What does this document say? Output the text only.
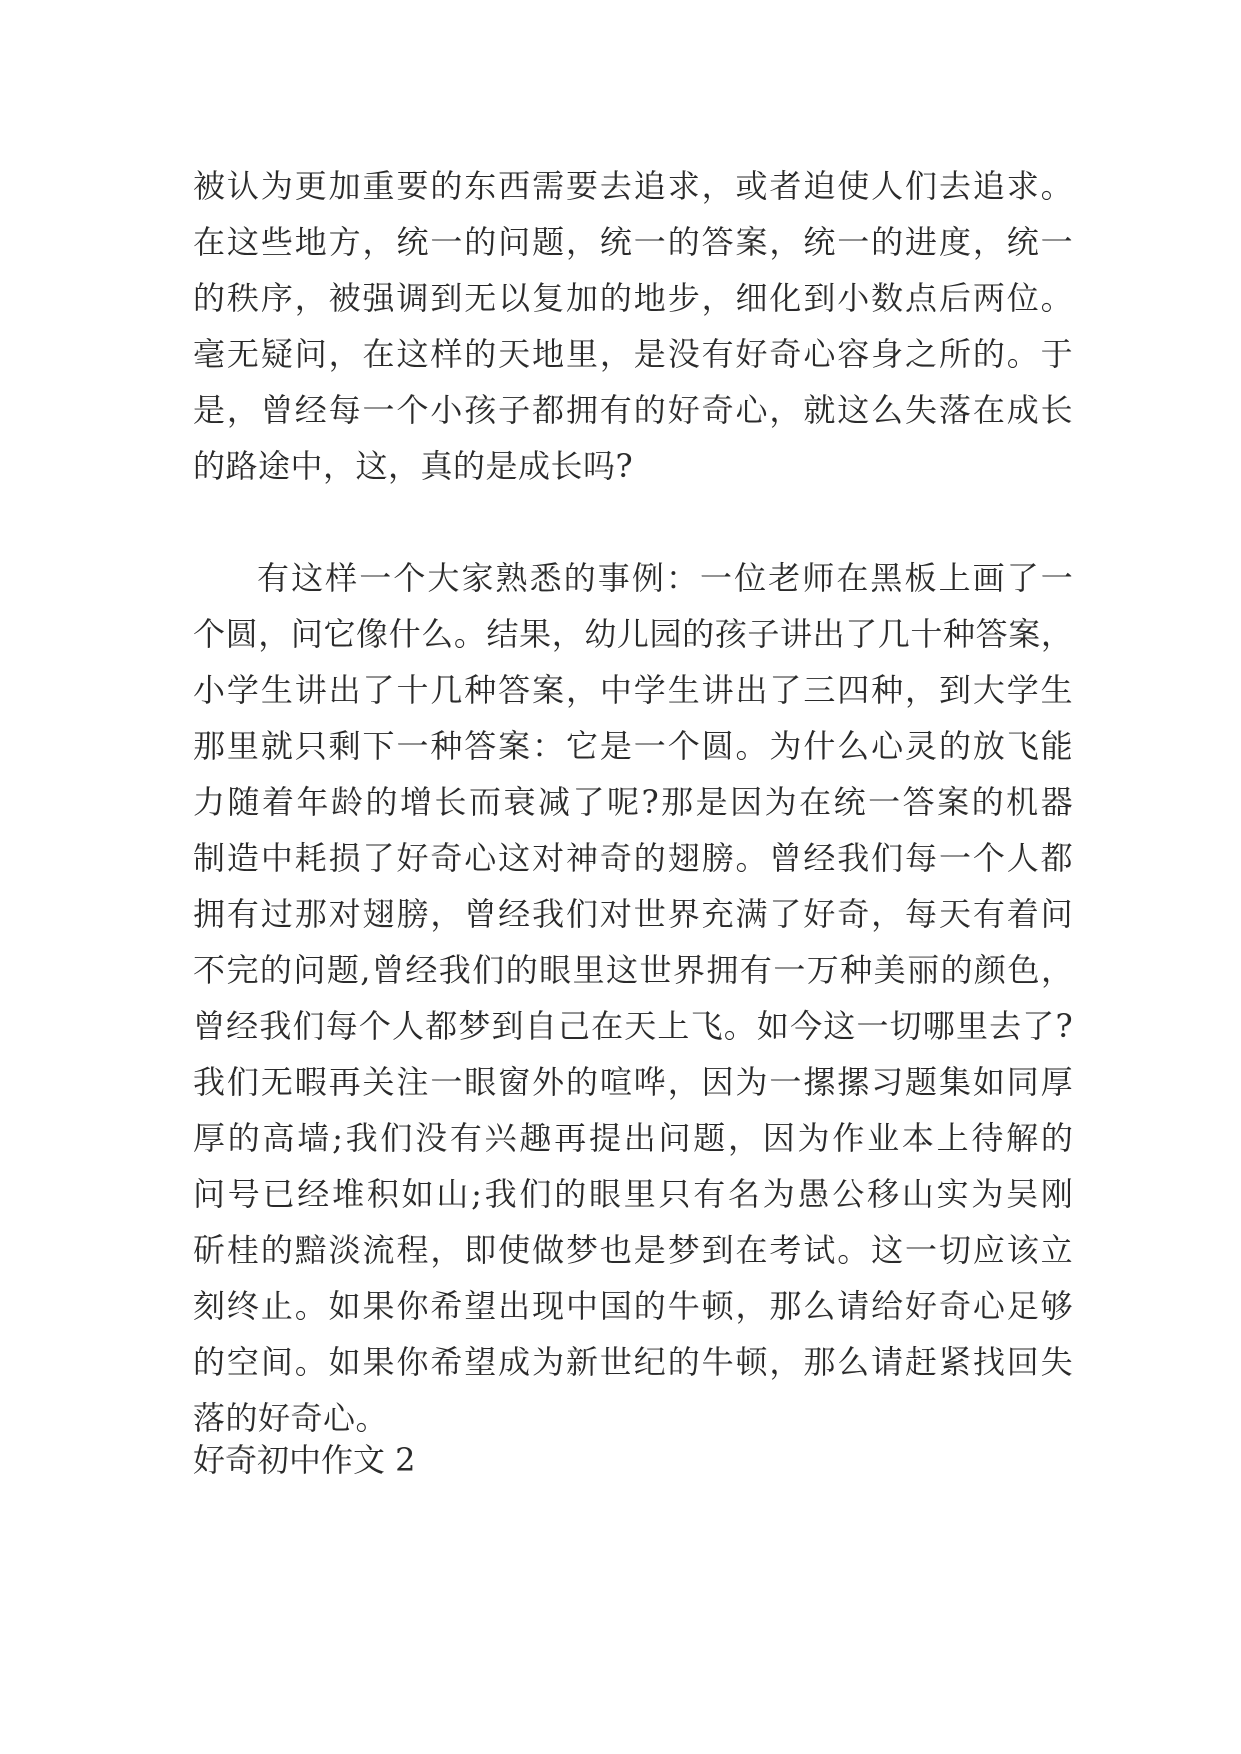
被 认 为 更 加 重 要 的 东 西 需 要 去 追 求 ， 或 者 迫 使 人 们 去 追 求 。
在 这 些 地 方 ， 统 一 的 问 题 ， 统 一 的 答 案 ， 统 一 的 进 度 ， 统 一
的 秩 序 ， 被 强 调 到 无 以 复 加 的 地 步 ， 细 化 到 小 数 点 后 两 位 。
毫 无 疑 问 ， 在 这 样 的 天 地 里 ， 是 没 有 好 奇 心 容 身 之 所 的 。 于
是 ， 曾 经 每 一 个 小 孩 子 都 拥 有 的 好 奇 心 ， 就 这 么 失 落 在 成 长
的路途中，这，真的是成长吗?
有 这 样 一 个 大 家 熟 悉 的 事 例 ： 一 位 老 师 在 黑 板 上 画 了 一
个 圆 ， 问 它 像 什 么 。 结 果 ， 幼 儿 园 的 孩 子 讲 出 了 几 十 种 答 案 ，
小 学 生 讲 出 了 十 几 种 答 案 ， 中 学 生 讲 出 了 三 四 种 ， 到 大 学 生
那 里 就 只 剩 下 一 种 答 案 ： 它 是 一 个 圆 。 为 什 么 心 灵 的 放 飞 能
力 随 着 年 龄 的 增 长 而 衰 减 了 呢 ? 那 是 因 为 在 统 一 答 案 的 机 器
制 造 中 耗 损 了 好 奇 心 这 对 神 奇 的 翅 膀 。 曾 经 我 们 每 一 个 人 都
拥 有 过 那 对 翅 膀 ， 曾 经 我 们 对 世 界 充 满 了 好 奇 ， 每 天 有 着 问
不 完 的 问 题 , 曾 经 我 们 的 眼 里 这 世 界 拥 有 一 万 种 美 丽 的 颜 色 ，
曾 经 我 们 每 个 人 都 梦 到 自 己 在 天 上 飞 。 如 今 这 一 切 哪 里 去 了 ?
我 们 无 暇 再 关 注 一 眼 窗 外 的 喧 哗 ， 因 为 一 摞 摞 习 题 集 如 同 厚
厚 的 高 墙 ; 我 们 没 有 兴 趣 再 提 出 问 题 ， 因 为 作 业 本 上 待 解 的
问 号 已 经 堆 积 如 山 ; 我 们 的 眼 里 只 有 名 为 愚 公 移 山 实 为 吴 刚
斫 桂 的 黯 淡 流 程 ， 即 使 做 梦 也 是 梦 到 在 考 试 。 这 一 切 应 该 立
刻 终 止 。 如 果 你 希 望 出 现 中 国 的 牛 顿 ， 那 么 请 给 好 奇 心 足 够
的 空 间 。 如 果 你 希 望 成 为 新 世 纪 的 牛 顿 ， 那 么 请 赶 紧 找 回 失
落的好奇心。
好奇初中作文 2
